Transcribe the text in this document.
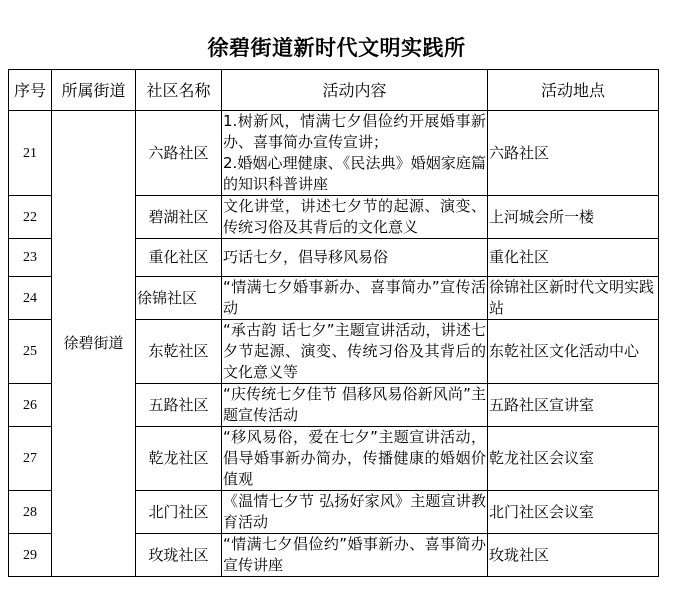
徐碧街道新时代文明实践所
序号	所属街道	社区名称	活动内容	活动地点
21	徐碧街道	六路社区	1.树新风，情满七夕倡俭约开展婚事新办、喜事简办宣传宣讲；
2.婚姻心理健康、《民法典》婚姻家庭篇的知识科普讲座	六路社区
22		碧湖社区	文化讲堂，讲述七夕节的起源、演变、传统习俗及其背后的文化意义	上河城会所一楼
23		重化社区	巧话七夕，倡导移风易俗	重化社区
24		徐锦社区	“情满七夕婚事新办、喜事简办”宣传活动	徐锦社区新时代文明实践站
25		东乾社区	“承古韵 话七夕”主题宣讲活动，讲述七夕节起源、演变、传统习俗及其背后的文化意义等	东乾社区文化活动中心
26		五路社区	“庆传统七夕佳节 倡移风易俗新风尚”主题宣传活动	五路社区宣讲室
27		乾龙社区	“移风易俗，爱在七夕”主题宣讲活动，倡导婚事新办简办，传播健康的婚姻价值观	乾龙社区会议室
28		北门社区	《温情七夕节 弘扬好家风》主题宣讲教育活动	北门社区会议室
29		玫珑社区	“情满七夕倡俭约”婚事新办、喜事简办宣传讲座	玫珑社区
